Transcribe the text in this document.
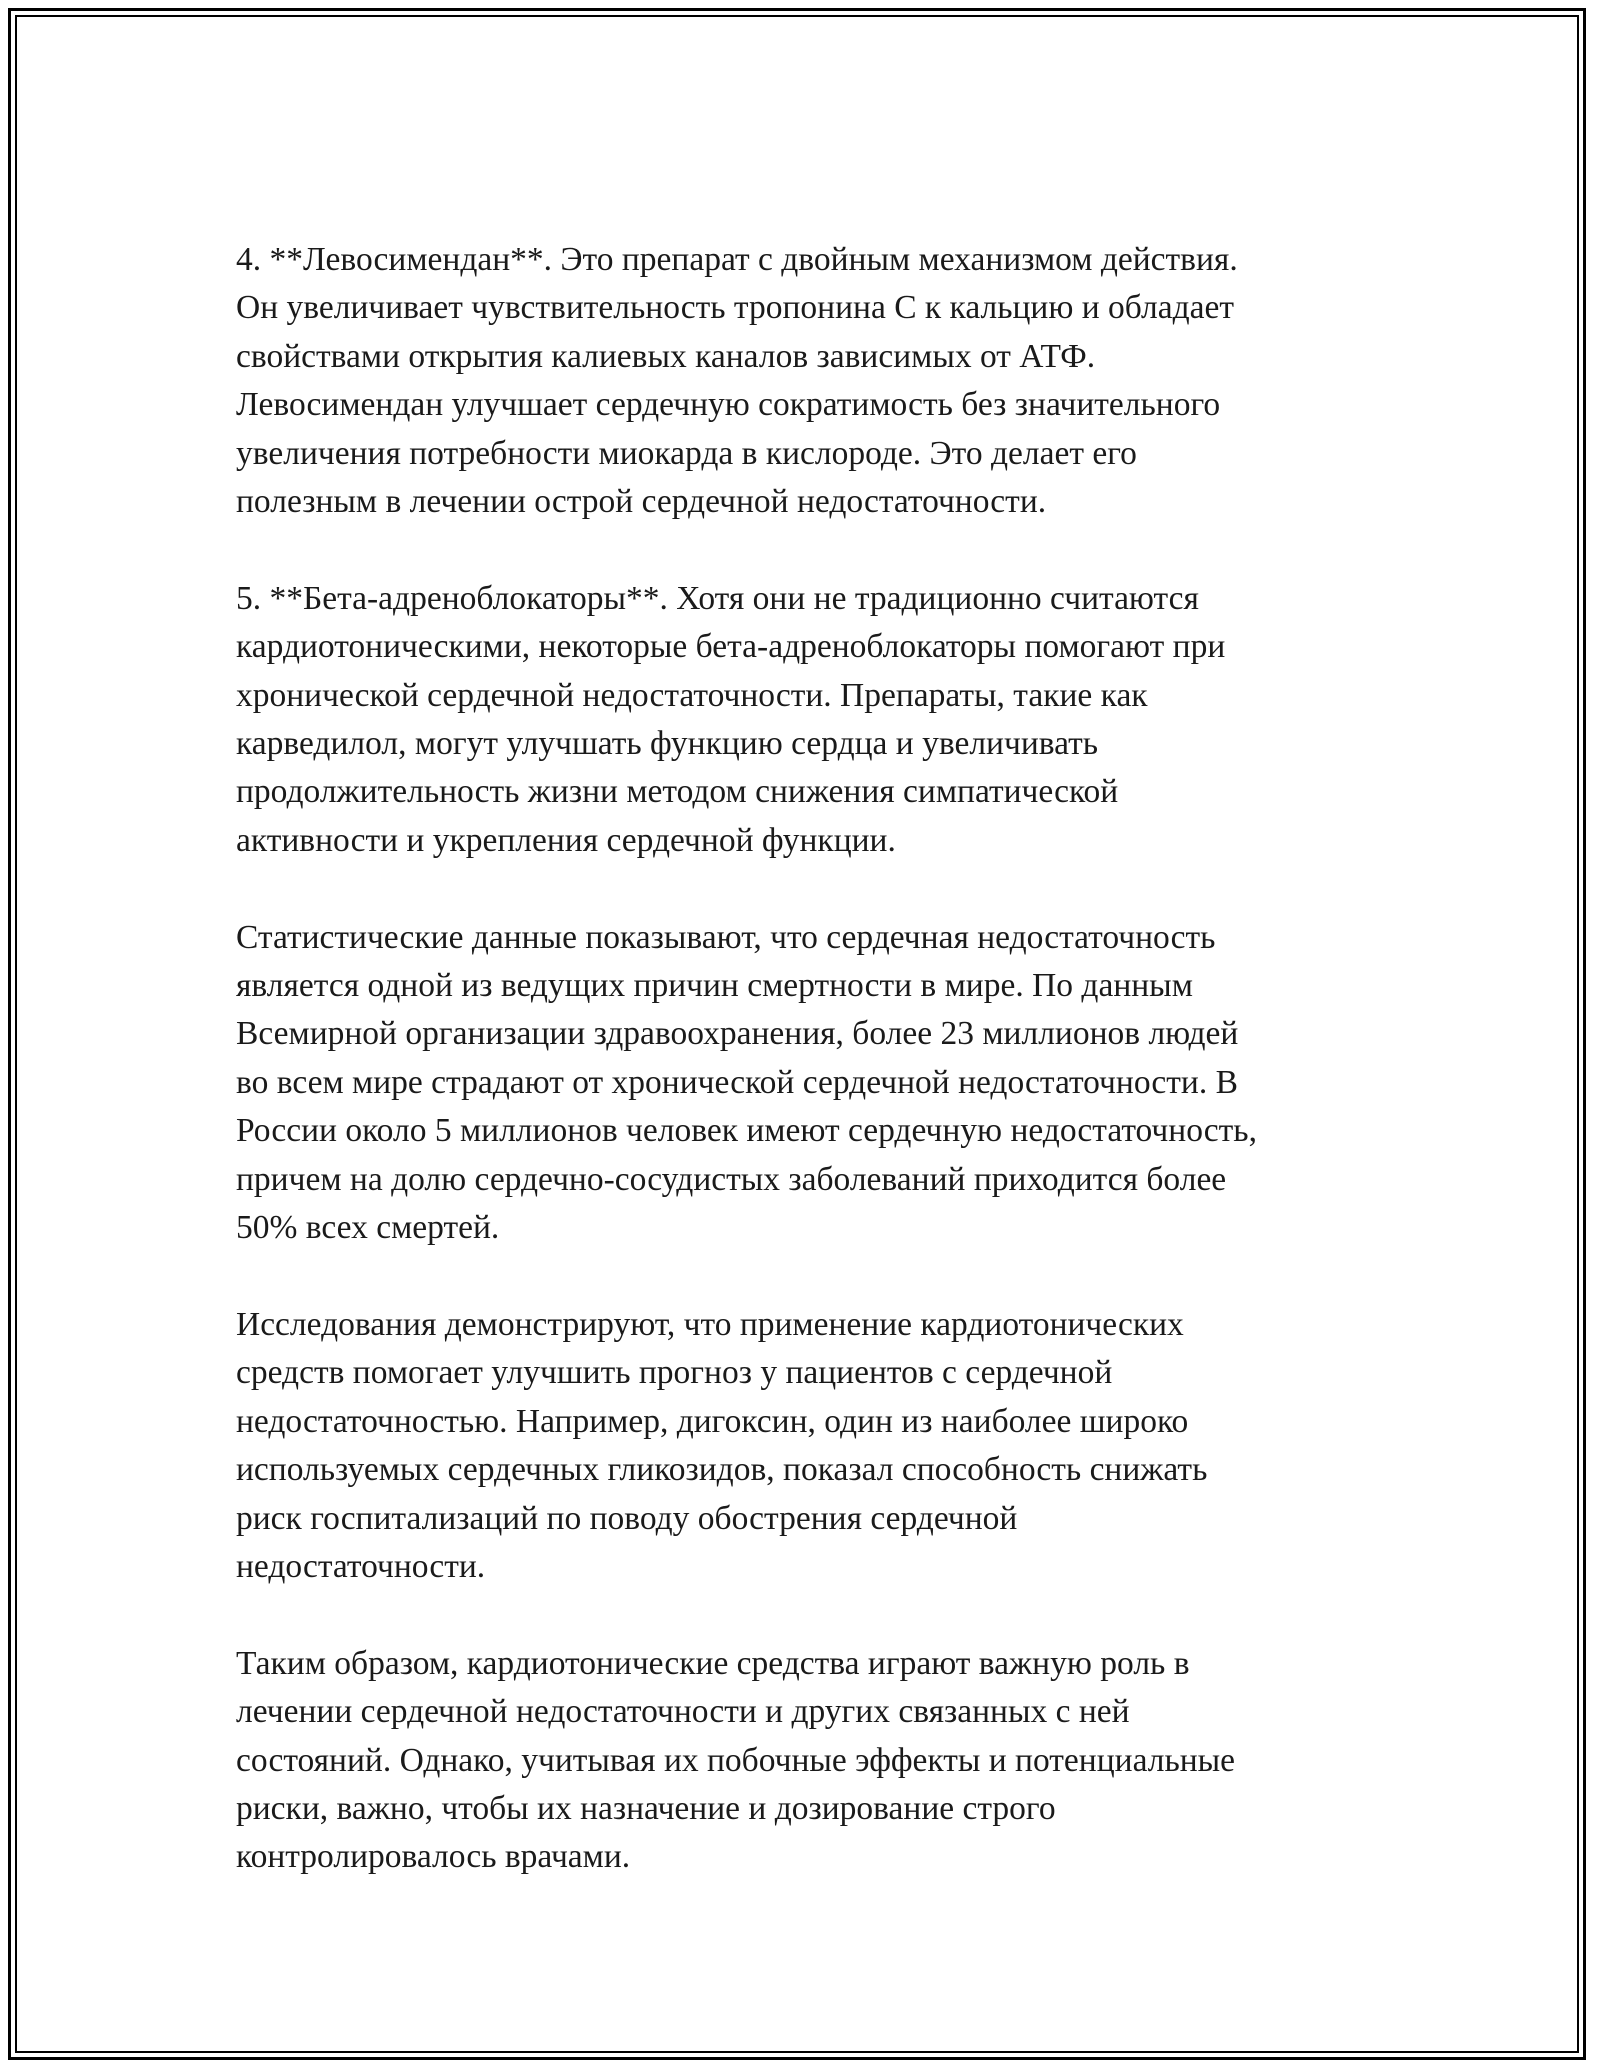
4. **Левосимендан**. Это препарат с двойным механизмом действия.
Он увеличивает чувствительность тропонина С к кальцию и обладает
свойствами открытия калиевых каналов зависимых от АТФ.
Левосимендан улучшает сердечную сократимость без значительного
увеличения потребности миокарда в кислороде. Это делает его
полезным в лечении острой сердечной недостаточности.

5. **Бета-адреноблокаторы**. Хотя они не традиционно считаются
кардиотоническими, некоторые бета-адреноблокаторы помогают при
хронической сердечной недостаточности. Препараты, такие как
карведилол, могут улучшать функцию сердца и увеличивать
продолжительность жизни методом снижения симпатической
активности и укрепления сердечной функции.

Статистические данные показывают, что сердечная недостаточность
является одной из ведущих причин смертности в мире. По данным
Всемирной организации здравоохранения, более 23 миллионов людей
во всем мире страдают от хронической сердечной недостаточности. В
России около 5 миллионов человек имеют сердечную недостаточность,
причем на долю сердечно-сосудистых заболеваний приходится более
50% всех смертей.

Исследования демонстрируют, что применение кардиотонических
средств помогает улучшить прогноз у пациентов с сердечной
недостаточностью. Например, дигоксин, один из наиболее широко
используемых сердечных гликозидов, показал способность снижать
риск госпитализаций по поводу обострения сердечной
недостаточности.

Таким образом, кардиотонические средства играют важную роль в
лечении сердечной недостаточности и других связанных с ней
состояний. Однако, учитывая их побочные эффекты и потенциальные
риски, важно, чтобы их назначение и дозирование строго
контролировалось врачами.
